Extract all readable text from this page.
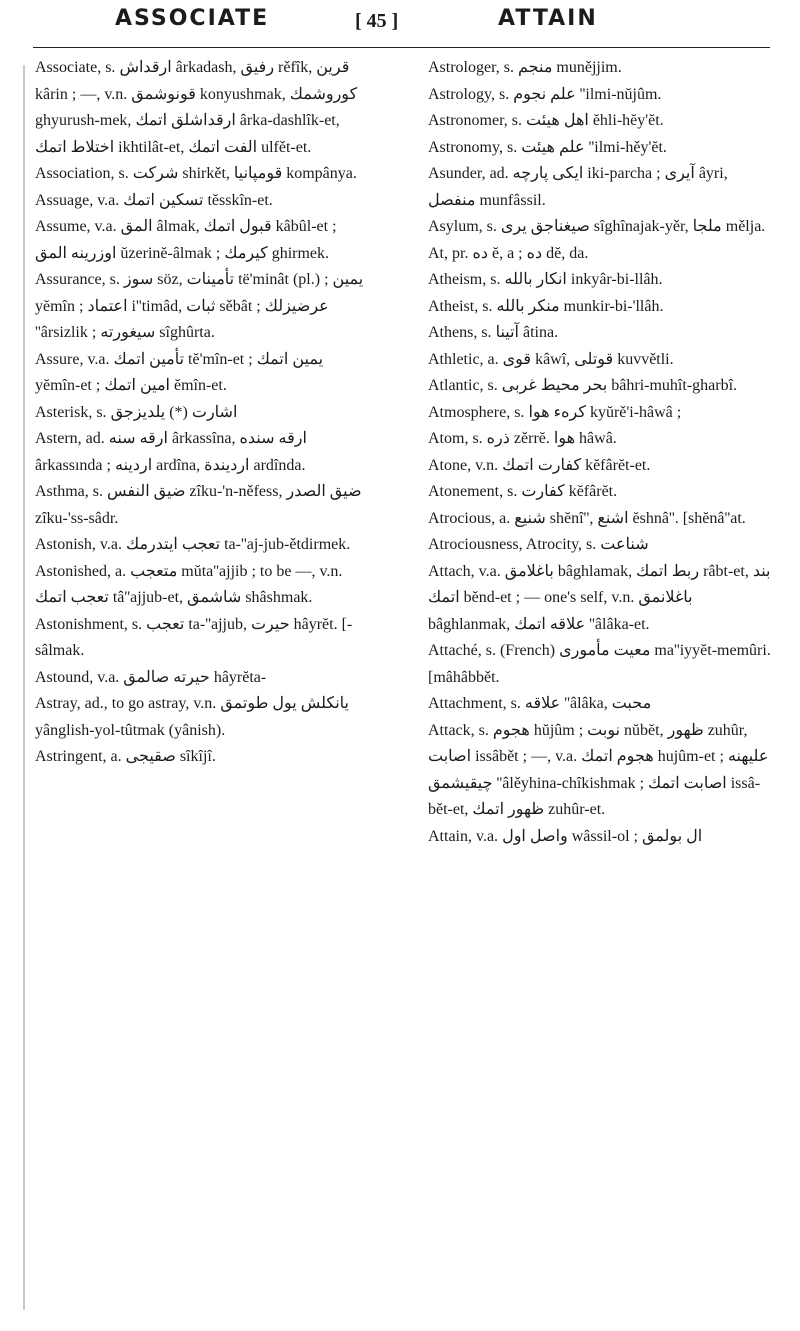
ASSOCIATE	[ 45 ]	ATTAIN

Associate, s. ارقداش ârkadash, رفيق rěfîk, قرين kârin ; —, v.n. قونوشمق konyushmak, كوروشمك ghyurush-mek, ارقداشلق اتمك ârka-dashlîk-et, اختلاط اتمك ikhtilât-et, الفت اتمك ulfět-et.

Association, s. شركت shirkět, قومپانيا kompânya.

Assuage, v.a. تسكين اتمك tĕsskîn-et.

Assume, v.a. المق âlmak, قبول اتمك kâbûl-et ; اوزرينه المق ŭzerinĕ-âlmak ; كيرمك ghirmek.

Assurance, s. سوز söz, تأمينات të'minât (pl.) ; يمين yĕmîn ; اعتماد i''timâd, ثبات sěbât ; عرضيزلك ''ârsizlik ; سيغورته sîghûrta.

Assure, v.a. تأمين اتمك tĕ'mîn-et ; يمين اتمك yĕmîn-et ; امين اتمك ĕmîn-et.

Asterisk, s. اشارت (*) يلديزجق

Astern, ad. ارقه سنه ârkassîna, ارقه سنده ârkassında ; اردينه ardîna, ارديندة ardînda.

Asthma, s. ضيق النفس zîku-'n-něfess, ضيق الصدر zîku-'ss-sâdr.

Astonish, v.a. تعجب ايتدرمك ta-''aj-jub-ětdirmek.

Astonished, a. متعجب mŭta''ajjib ; to be —, v.n. تعجب اتمك tâ''ajjub-et, شاشمق shâshmak.

Astonishment, s. تعجب ta-''ajjub, حيرت hâyrĕt. [-sâlmak.

Astound, v.a. حيرته صالمق hâyrĕta-

Astray, ad., to go astray, v.n. يانكلش يول طوتمق yânglish-yol-tûtmak (yânish).

Astringent, a. صقيجى sîkîjî.

Astrologer, s. منجم munějjim.

Astrology, s. علم نجوم ''ilmi-nŭjûm.

Astronomer, s. اهل هيئت ĕhli-hĕy'ĕt.

Astronomy, s. علم هيئت ''ilmi-hěy'ĕt.

Asunder, ad. ايكى پارچه iki-parcha ; آيرى âyri, منفصل munfâssil.

Asylum, s. صيغناجق يرى sîghînajak-yěr, ملجا mělja.

At, pr. ده ĕ, a ; ده dĕ, da.

Atheism, s. انكار بالله inkyâr-bi-llâh.

Atheist, s. منكر بالله munkir-bi-'llâh.

Athens, s. آتينا âtina.

Athletic, a. قوى kâwî, قوتلى kuvvětli.

Atlantic, s. بحر محيط غربى bâhri-muhît-gharbî.

Atmosphere, s. كرهء هوا kyŭrě'i-hâwâ ;

Atom, s. ذره zěrrĕ. هوا hâwâ.

Atone, v.n. كفارت اتمك kĕfârĕt-et.

Atonement, s. كفارت kĕfârĕt.

Atrocious, a. شنيع shĕnî'', اشنع ĕshnâ''. [shĕnâ''at.

Atrociousness, Atrocity, s. شناعت

Attach, v.a. باغلامق bâghlamak, ربط اتمك râbt-et, بند اتمك bĕnd-et ; — one's self, v.n. باغلانمق bâghlanmak, علاقه اتمك ''âlâka-et.

Attaché, s. (French) معيت مأمورى ma''iyyĕt-memûri. [mâhâbbět.

Attachment, s. علاقه ''âlâka, محبت

Attack, s. هجوم hŭjûm ; نوبت nŭbĕt, ظهور zuhûr, اصابت issâbět ; —, v.a. هجوم اتمك hujûm-et ; عليهنه چيقيشمق ''âlěyhina-chîkishmak ; اصابت اتمك issâ-bět-et, ظهور اتمك zuhûr-et.

Attain, v.a. واصل اول wâssil-ol ; ال بولمق
